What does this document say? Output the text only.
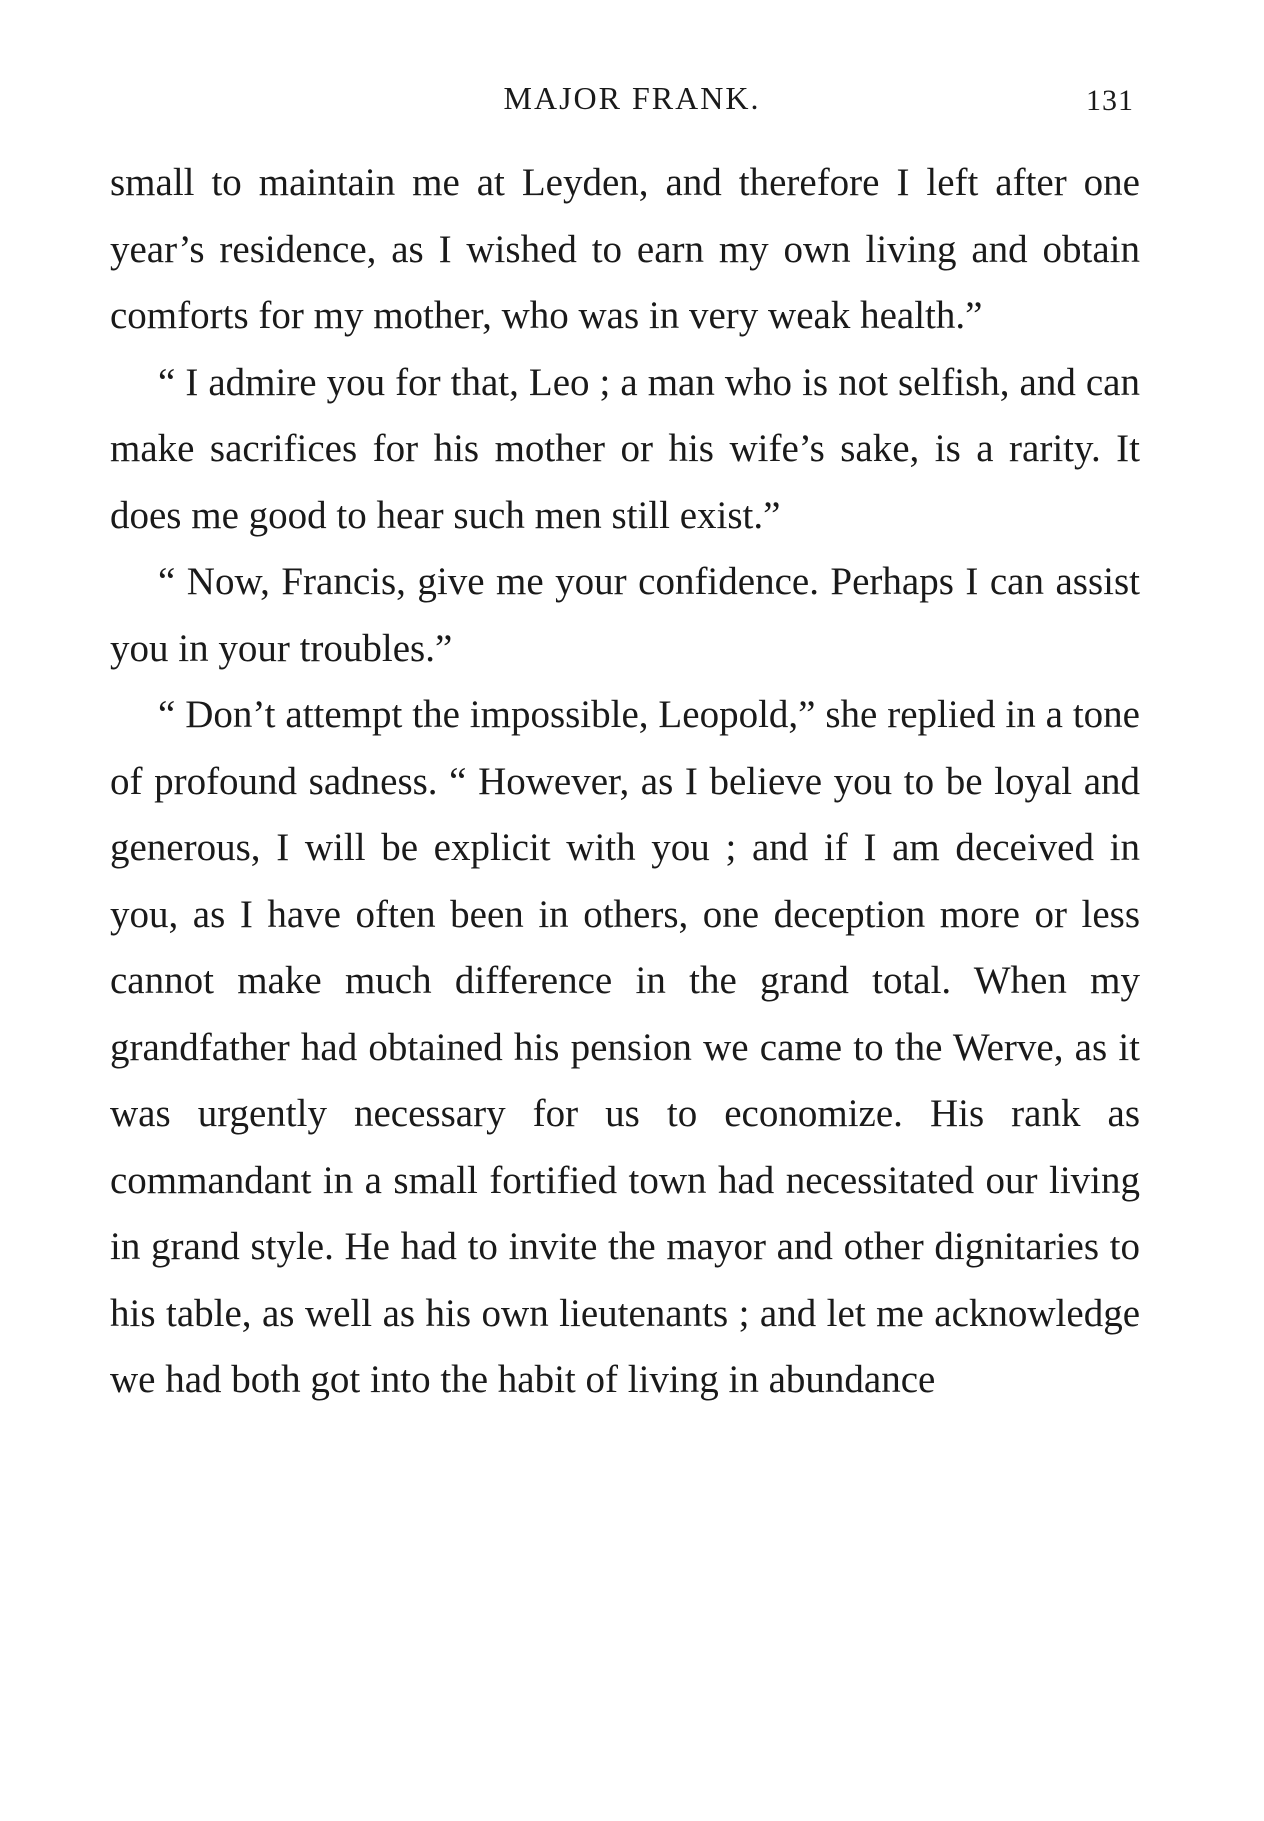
MAJOR FRANK.	131

small to maintain me at Leyden, and therefore I left after one year’s residence, as I wished to earn my own living and obtain comforts for my mother, who was in very weak health.”

“ I admire you for that, Leo ; a man who is not selfish, and can make sacrifices for his mother or his wife’s sake, is a rarity. It does me good to hear such men still exist.”

“ Now, Francis, give me your confidence. Perhaps I can assist you in your troubles.”

“ Don’t attempt the impossible, Leopold,” she replied in a tone of profound sadness. “ However, as I believe you to be loyal and generous, I will be explicit with you ; and if I am deceived in you, as I have often been in others, one deception more or less cannot make much difference in the grand total. When my grandfather had obtained his pension we came to the Werve, as it was urgently necessary for us to economize. His rank as commandant in a small fortified town had necessitated our living in grand style. He had to invite the mayor and other dignitaries to his table, as well as his own lieutenants ; and let me acknowledge we had both got into the habit of living in abundance
